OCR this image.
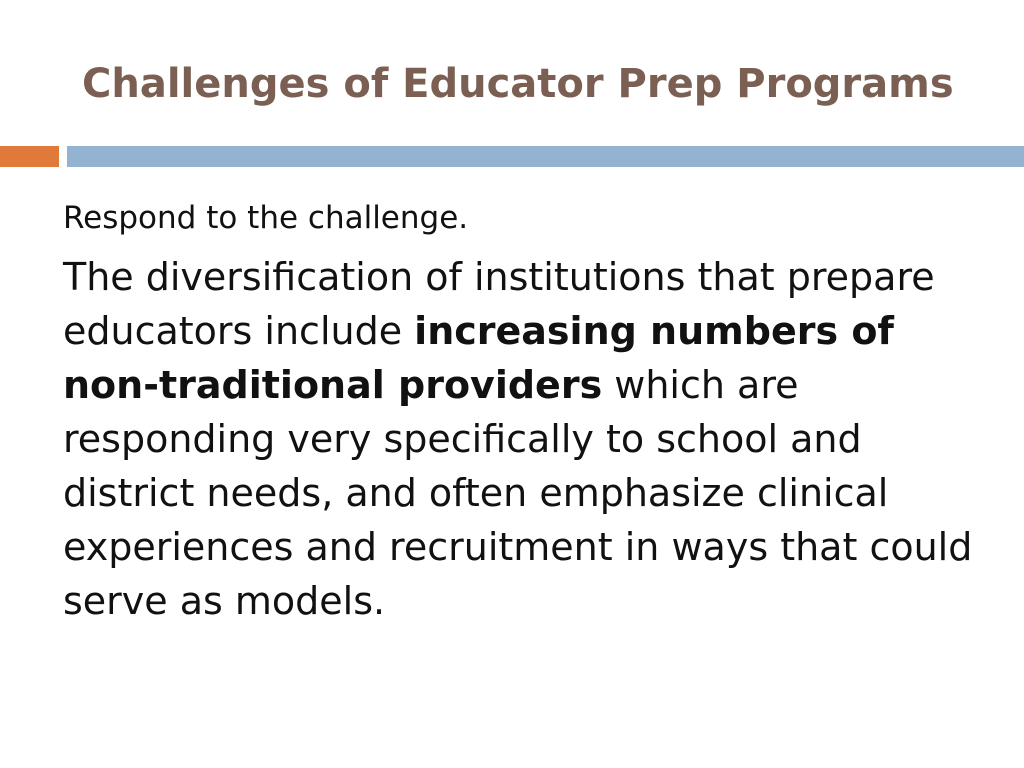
Challenges of Educator Prep Programs

Respond to the challenge.

The diversification of institutions that prepare educators include increasing numbers of non-traditional providers which are responding very specifically to school and district needs, and often emphasize clinical experiences and recruitment in ways that could serve as models.
